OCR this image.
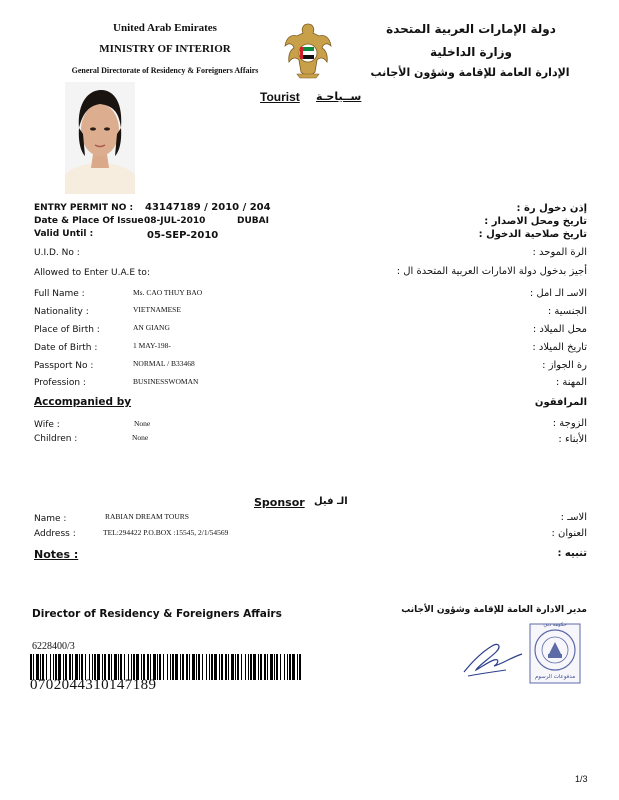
United Arab Emirates
MINISTRY OF INTERIOR
General Directorate of Residency & Foreigners Affairs
دولة الإمارات العربية المتحدة
وزارة الداخلية
الإدارة العامة للإقامة وشؤون الأجانب
Tourist ســياحـة
ENTRY PERMIT NO : 43147189 / 2010 / 204	إذن دخول رة :
Date & Place Of Issue :
08-JUL-2010	DUBAI	تاريخ ومحل الاصدار :
Valid Until :	05-SEP-2010	تاريخ صلاحية الدخول :
U.I.D. No :	الرة الموحد :
Allowed to Enter U.A.E to:	أجيز بدخول دولة الامارات العربية المتحدة ال :
Full Name :	Ms. CAO THUY BAO	الاسـ الـ امل :
Nationality :	VIETNAMESE	الجنسية :
Place of Birth :	AN GIANG	محل الميلاد :
Date of Birth :	1 MAY-198-	تاريخ الميلاد :
Passport No :	NORMAL / B33468	رة الجواز :
Profession :	BUSINESSWOMAN	المهنة :
Accompanied by	المرافقون
Wife :	None	الزوجة :
Children :	None	الأبناء :
Sponsor الـ فيل
Name :	RABIAN DREAM TOURS	الاسـ :
Address :	TEL:294422 P.O.BOX :15545, 2/1/54569	العنوان :
Notes :	تنبيه :
Director of Residency & Foreigners Affairs	مدير الادارة العامة للإقامة وشؤون الأجانب
6228400/3
0702044310147189
حكومة دبي
مدفوعات الرسوم
1/3
